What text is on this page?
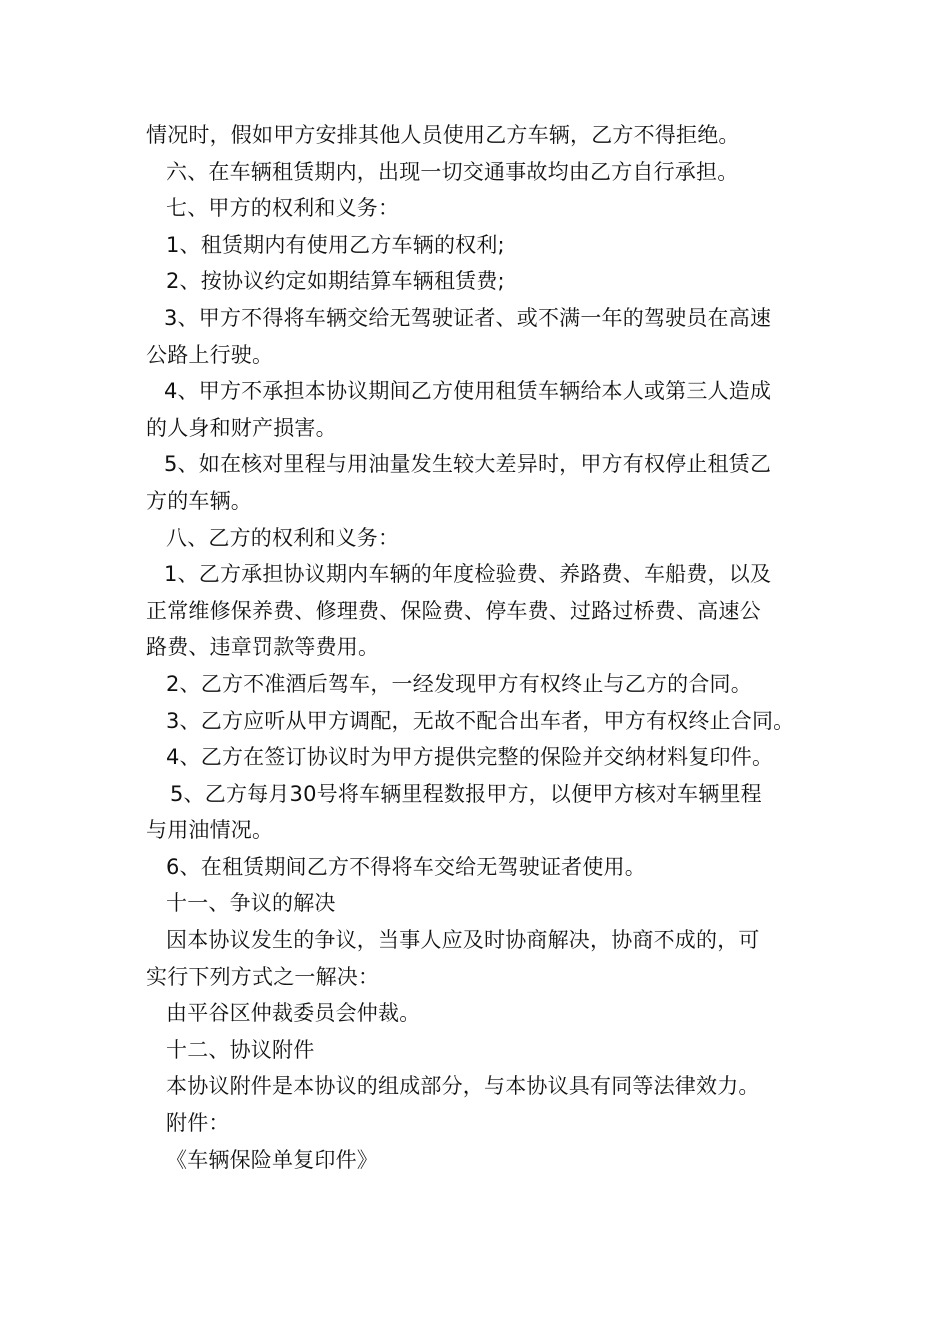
情况时，假如甲方安排其他人员使用乙方车辆，乙方不得拒绝。
六、在车辆租赁期内，出现一切交通事故均由乙方自行承担。
七、甲方的权利和义务：
1、租赁期内有使用乙方车辆的权利;
2、按协议约定如期结算车辆租赁费;
3、甲方不得将车辆交给无驾驶证者、或不满一年的驾驶员在高速
公路上行驶。
4、甲方不承担本协议期间乙方使用租赁车辆给本人或第三人造成
的人身和财产损害。
5、如在核对里程与用油量发生较大差异时，甲方有权停止租赁乙
方的车辆。
八、乙方的权利和义务：
1、乙方承担协议期内车辆的年度检验费、养路费、车船费，以及
正常维修保养费、修理费、保险费、停车费、过路过桥费、高速公
路费、违章罚款等费用。
2、乙方不准酒后驾车，一经发现甲方有权终止与乙方的合同。
3、乙方应听从甲方调配，无故不配合出车者，甲方有权终止合同。
4、乙方在签订协议时为甲方提供完整的保险并交纳材料复印件。
5、乙方每月30号将车辆里程数报甲方，以便甲方核对车辆里程
与用油情况。
6、在租赁期间乙方不得将车交给无驾驶证者使用。
十一、争议的解决
因本协议发生的争议，当事人应及时协商解决，协商不成的，可
实行下列方式之一解决：
由平谷区仲裁委员会仲裁。
十二、协议附件
本协议附件是本协议的组成部分，与本协议具有同等法律效力。
附件：
《车辆保险单复印件》
